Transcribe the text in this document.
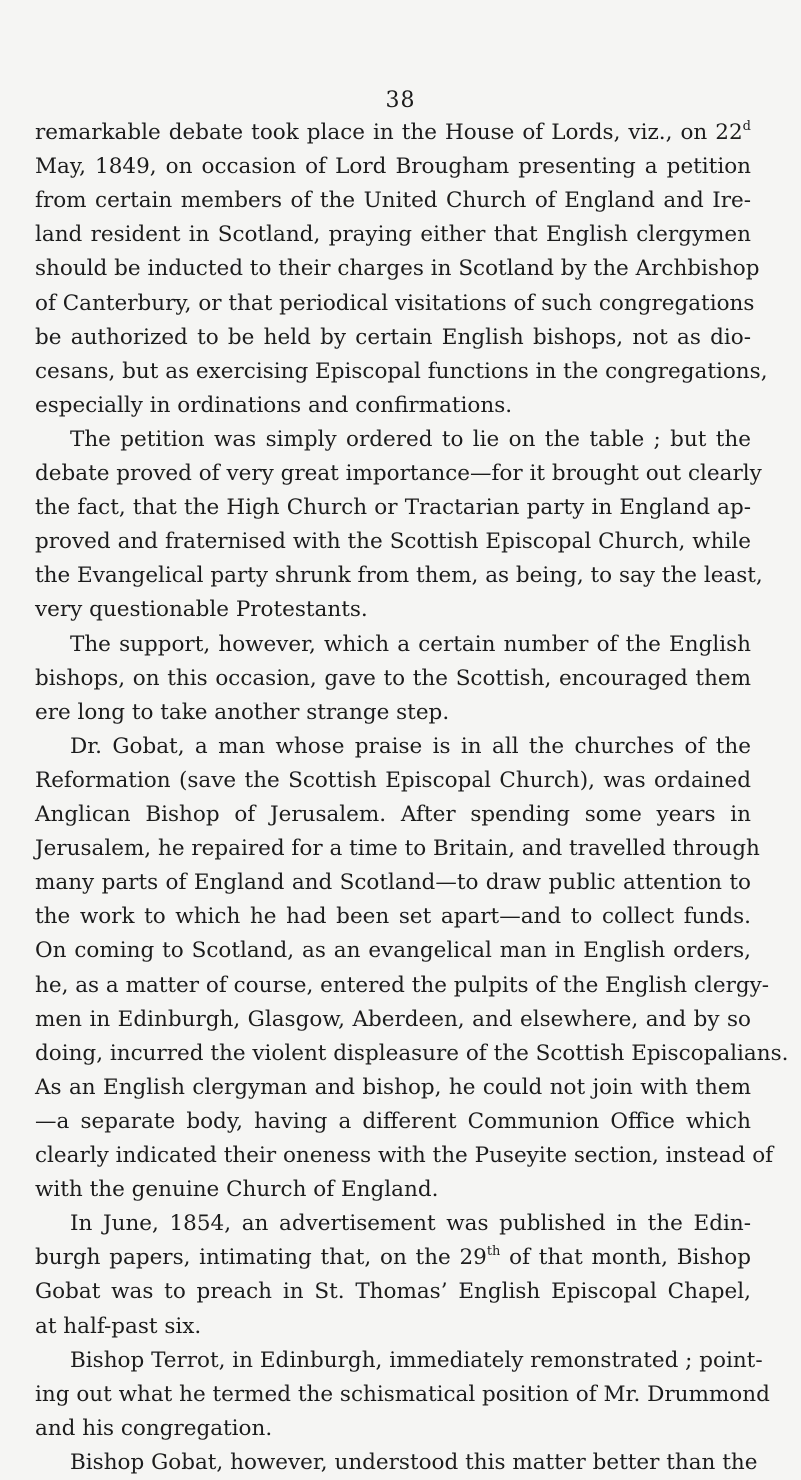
38
remarkable debate took place in the House of Lords, viz., on 22$^d$
May, 1849, on occasion of Lord Brougham presenting a petition
from certain members of the United Church of England and Ire-
land resident in Scotland, praying either that English clergymen
should be inducted to their charges in Scotland by the Archbishop
of Canterbury, or that periodical visitations of such congregations
be authorized to be held by certain English bishops, not as dio-
cesans, but as exercising Episcopal functions in the congregations,
especially in ordinations and confirmations.
The petition was simply ordered to lie on the table ; but the
debate proved of very great importance—for it brought out clearly
the fact, that the High Church or Tractarian party in England ap-
proved and fraternised with the Scottish Episcopal Church, while
the Evangelical party shrunk from them, as being, to say the least,
very questionable Protestants.
The support, however, which a certain number of the English
bishops, on this occasion, gave to the Scottish, encouraged them
ere long to take another strange step.
Dr. Gobat, a man whose praise is in all the churches of the
Reformation (save the Scottish Episcopal Church), was ordained
Anglican Bishop of Jerusalem. After spending some years in
Jerusalem, he repaired for a time to Britain, and travelled through
many parts of England and Scotland—to draw public attention to
the work to which he had been set apart—and to collect funds.
On coming to Scotland, as an evangelical man in English orders,
he, as a matter of course, entered the pulpits of the English clergy-
men in Edinburgh, Glasgow, Aberdeen, and elsewhere, and by so
doing, incurred the violent displeasure of the Scottish Episcopalians.
As an English clergyman and bishop, he could not join with them
—a separate body, having a different Communion Office which
clearly indicated their oneness with the Puseyite section, instead of
with the genuine Church of England.
In June, 1854, an advertisement was published in the Edin-
burgh papers, intimating that, on the 29th of that month, Bishop
Gobat was to preach in St. Thomas’ English Episcopal Chapel,
at half-past six.
Bishop Terrot, in Edinburgh, immediately remonstrated ; point-
ing out what he termed the schismatical position of Mr. Drummond
and his congregation.
Bishop Gobat, however, understood this matter better than the
